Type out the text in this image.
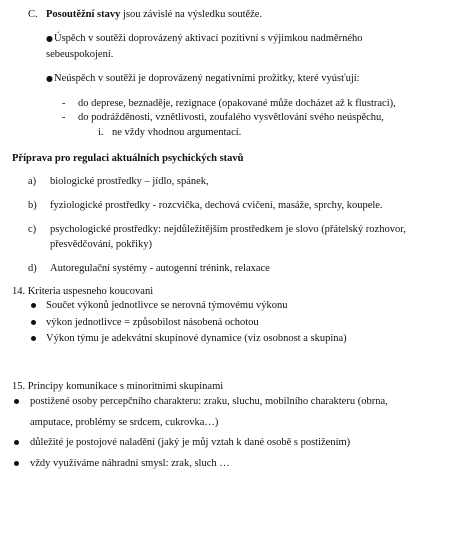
C. Posoutěžní stavy jsou závislé na výsledku soutěže.
● Úspěch v soutěži doprovázený aktivací pozitivní s výjimkou nadměrného
sebeuspokojení.
● Neúspěch v soutěži je doprovázený negativními prožitky, které vyúsťují:
- do deprese, beznaděje, rezignace (opakované může docházet až k flustraci),
- do podrážděnosti, vznětlivosti, zoufalého vysvětlování svého neúspěchu,
i. ne vždy vhodnou argumentací.
Příprava pro regulaci aktuálních psychických stavů
a) biologické prostředky – jídlo, spánek,
b) fyziologické prostředky - rozcvička, dechová cvičení, masáže, sprchy, koupele.
c) psychologické prostředky: nejdůležitějším prostředkem je slovo (přátelský rozhovor,
přesvědčování, pokřiky)
d) Autoregulační systémy - autogenní trénink, relaxace
14. Kriteria uspesneho koucovani
Součet výkonů jednotlivce se nerovná týmovému výkonu
výkon jednotlivce = způsobilost násobená ochotou
Výkon týmu je adekvátní skupinové dynamice (viz osobnost a skupina)
15. Principy komunikace s minoritnimi skupinami
postižené osoby percepčního charakteru: zraku, sluchu, mobilního charakteru (obrna,
amputace, problémy se srdcem, cukrovka…)
důležité je postojové naladění (jaký je můj vztah k dané osobě s postižením)
vždy využíváme náhradní smysl: zrak, sluch …
